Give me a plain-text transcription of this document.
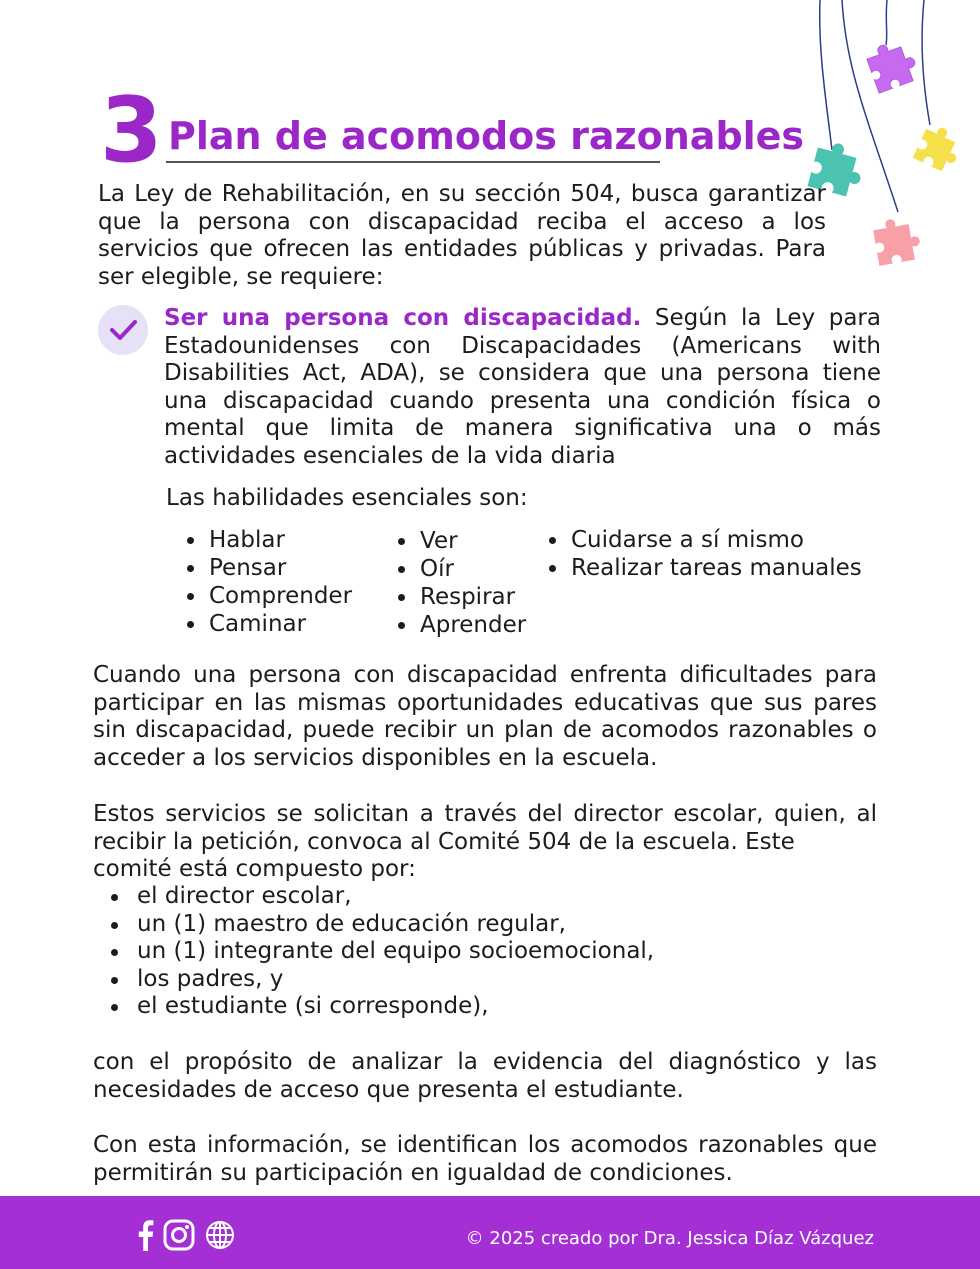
3 Plan de acomodos razonables

La Ley de Rehabilitación, en su sección 504, busca garantizar que la persona con discapacidad reciba el acceso a los servicios que ofrecen las entidades públicas y privadas. Para ser elegible, se requiere:

Ser una persona con discapacidad. Según la Ley para Estadounidenses con Discapacidades (Americans with Disabilities Act, ADA), se considera que una persona tiene una discapacidad cuando presenta una condición física o mental que limita de manera significativa una o más actividades esenciales de la vida diaria

Las habilidades esenciales son:
Hablar
Pensar
Comprender
Caminar
Ver
Oír
Respirar
Aprender
Cuidarse a sí mismo
Realizar tareas manuales

Cuando una persona con discapacidad enfrenta dificultades para participar en las mismas oportunidades educativas que sus pares sin discapacidad, puede recibir un plan de acomodos razonables o acceder a los servicios disponibles en la escuela.

Estos servicios se solicitan a través del director escolar, quien, al recibir la petición, convoca al Comité 504 de la escuela. Este
comité está compuesto por:

el director escolar,
un (1) maestro de educación regular,
un (1) integrante del equipo socioemocional,
los padres, y
el estudiante (si corresponde),

con el propósito de analizar la evidencia del diagnóstico y las necesidades de acceso que presenta el estudiante.

Con esta información, se identifican los acomodos razonables que permitirán su participación en igualdad de condiciones.

© 2025 creado por Dra. Jessica Díaz Vázquez
